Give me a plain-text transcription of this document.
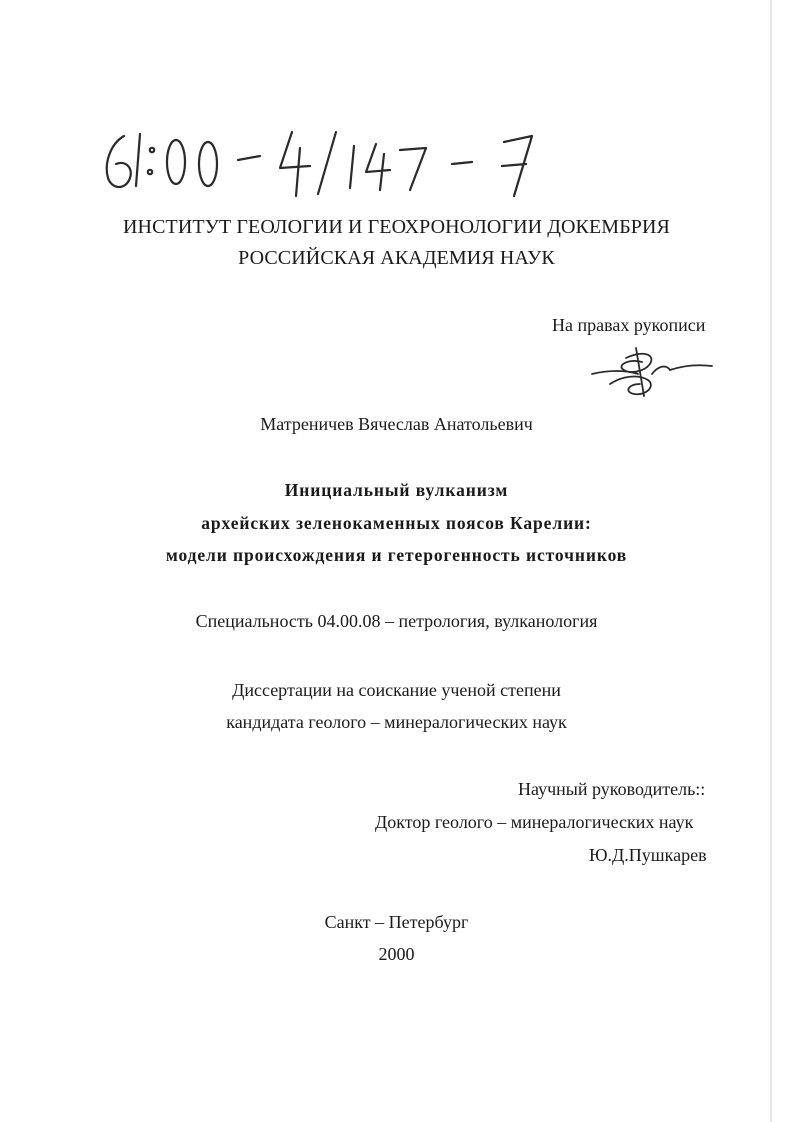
ИНСТИТУТ ГЕОЛОГИИ И ГЕОХРОНОЛОГИИ ДОКЕМБРИЯ
РОССИЙСКАЯ АКАДЕМИЯ НАУК
На правах рукописи
Матреничев Вячеслав Анатольевич
Инициальный вулканизм
архейских зеленокаменных поясов Карелии:
модели происхождения и гетерогенность источников
Специальность 04.00.08 – петрология, вулканология
Диссертации на соискание ученой степени
кандидата геолого – минералогических наук
Научный руководитель::
Доктор геолого – минералогических наук
Ю.Д.Пушкарев
Санкт – Петербург
2000
